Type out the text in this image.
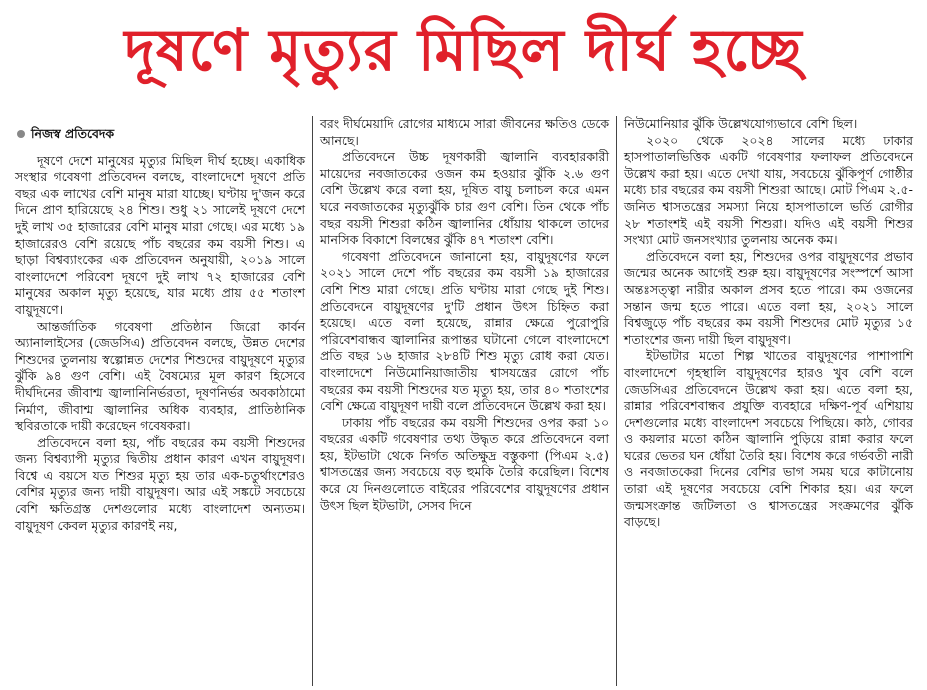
দূষণে মৃত্যুর মিছিল দীর্ঘ হচ্ছে
নিজস্ব প্রতিবেদক

দূষণে দেশে মানুষের মৃত্যুর মিছিল দীর্ঘ হচ্ছে। একাধিক সংস্থার গবেষণা প্রতিবেদন বলছে, বাংলাদেশে দূষণে প্রতি বছর এক লাখের বেশি মানুষ মারা যাচ্ছে। ঘণ্টায় দু'জন করে দিনে প্রাণ হারিয়েছে ২৪ শিশু। শুধু ২১ সালেই দূষণে দেশে দুই লাখ ৩৫ হাজারের বেশি মানুষ মারা গেছে। এর মধ্যে ১৯ হাজারেরও বেশি রয়েছে পাঁচ বছরের কম বয়সী শিশু। এ ছাড়া বিশ্বব্যাংকের এক প্রতিবেদন অনুযায়ী, ২০১৯ সালে বাংলাদেশে পরিবেশ দূষণে দুই লাখ ৭২ হাজারের বেশি মানুষের অকাল মৃত্যু হয়েছে, যার মধ্যে প্রায় ৫৫ শতাংশ বায়ুদূষণে।

আন্তর্জাতিক গবেষণা প্রতিষ্ঠান জিরো কার্বন অ্যানালাইসের (জেডসিএ) প্রতিবেদন বলছে, উন্নত দেশের শিশুদের তুলনায় স্বল্পোন্নত দেশের শিশুদের বায়ুদূষণে মৃত্যুর ঝুঁকি ৯৪ গুণ বেশি। এই বৈষম্যের মূল কারণ হিসেবে দীর্ঘদিনের জীবাশ্ম জ্বালানিনির্ভরতা, দূষণনির্ভর অবকাঠামো নির্মাণ, জীবাশ্ম জ্বালানির অধিক ব্যবহার, প্রাতিষ্ঠানিক স্থবিরতাকে দায়ী করেছেন গবেষকরা।

প্রতিবেদনে বলা হয়, পাঁচ বছরের কম বয়সী শিশুদের জন্য বিশ্বব্যাপী মৃত্যুর দ্বিতীয় প্রধান কারণ এখন বায়ুদূষণ। বিশ্বে এ বয়সে যত শিশুর মৃত্যু হয় তার এক-চতুর্থাংশেরও বেশির মৃত্যুর জন্য দায়ী বায়ুদূষণ। আর এই সঙ্কটে সবচেয়ে বেশি ক্ষতিগ্রস্ত দেশগুলোর মধ্যে বাংলাদেশ অন্যতম। বায়ুদূষণ কেবল মৃত্যুর কারণই নয়,

বরং দীর্ঘমেয়াদি রোগের মাধ্যমে সারা জীবনের ক্ষতিও ডেকে আনছে।

প্রতিবেদনে উচ্চ দূষণকারী জ্বালানি ব্যবহারকারী মায়েদের নবজাতকের ওজন কম হওয়ার ঝুঁকি ২.৬ গুণ বেশি উল্লেখ করে বলা হয়, দূষিত বায়ু চলাচল করে এমন ঘরে নবজাতকের মৃত্যুঝুঁকি চার গুণ বেশি। তিন থেকে পাঁচ বছর বয়সী শিশুরা কঠিন জ্বালানির ধোঁয়ায় থাকলে তাদের মানসিক বিকাশে বিলম্বের ঝুঁকি ৪৭ শতাংশ বেশি।

গবেষণা প্রতিবেদনে জানানো হয়, বায়ুদূষণের ফলে ২০২১ সালে দেশে পাঁচ বছরের কম বয়সী ১৯ হাজারের বেশি শিশু মারা গেছে। প্রতি ঘণ্টায় মারা গেছে দুই শিশু। প্রতিবেদনে বায়ুদূষণের দু'টি প্রধান উৎস চিহ্নিত করা হয়েছে। এতে বলা হয়েছে, রান্নার ক্ষেত্রে পুরোপুরি পরিবেশবান্ধব জ্বালানির রূপান্তর ঘটানো গেলে বাংলাদেশে প্রতি বছর ১৬ হাজার ২৮৪টি শিশু মৃত্যু রোধ করা যেত। বাংলাদেশে নিউমোনিয়াজাতীয় শ্বাসযন্ত্রের রোগে পাঁচ বছরের কম বয়সী শিশুদের যত মৃত্যু হয়, তার ৪০ শতাংশের বেশি ক্ষেত্রে বায়ুদূষণ দায়ী বলে প্রতিবেদনে উল্লেখ করা হয়।

ঢাকায় পাঁচ বছরের কম বয়সী শিশুদের ওপর করা ১০ বছরের একটি গবেষণার তথ্য উদ্ধৃত করে প্রতিবেদনে বলা হয়, ইটভাটা থেকে নির্গত অতিক্ষুদ্র বস্তুকণা (পিএম ২.৫) শ্বাসতন্ত্রের জন্য সবচেয়ে বড় হুমকি তৈরি করেছিল। বিশেষ করে যে দিনগুলোতে বাইরের পরিবেশের বায়ুদূষণের প্রধান উৎস ছিল ইটভাটা, সেসব দিনে

নিউমোনিয়ার ঝুঁকি উল্লেখযোগ্যভাবে বেশি ছিল।

২০২০ থেকে ২০২৪ সালের মধ্যে ঢাকার হাসপাতালভিত্তিক একটি গবেষণার ফলাফল প্রতিবেদনে উল্লেখ করা হয়। এতে দেখা যায়, সবচেয়ে ঝুঁকিপূর্ণ গোষ্ঠীর মধ্যে চার বছরের কম বয়সী শিশুরা আছে। মোট পিএম ২.৫-জনিত শ্বাসতন্ত্রের সমস্যা নিয়ে হাসপাতালে ভর্তি রোগীর ২৮ শতাংশই এই বয়সী শিশুরা। যদিও এই বয়সী শিশুর সংখ্যা মোট জনসংখ্যার তুলনায় অনেক কম।

প্রতিবেদনে বলা হয়, শিশুদের ওপর বায়ুদূষণের প্রভাব জন্মের অনেক আগেই শুরু হয়। বায়ুদূষণের সংস্পর্শে আসা অন্তঃসত্ত্বা নারীর অকাল প্রসব হতে পারে। কম ওজনের সন্তান জন্ম হতে পারে। এতে বলা হয়, ২০২১ সালে বিশ্বজুড়ে পাঁচ বছরের কম বয়সী শিশুদের মোট মৃত্যুর ১৫ শতাংশের জন্য দায়ী ছিল বায়ুদূষণ।

ইটভাটার মতো শিল্প খাতের বায়ুদূষণের পাশাপাশি বাংলাদেশে গৃহস্থালি বায়ুদূষণের হারও খুব বেশি বলে জেডসিএর প্রতিবেদনে উল্লেখ করা হয়। এতে বলা হয়, রান্নার পরিবেশবান্ধব প্রযুক্তি ব্যবহারে দক্ষিণ-পূর্ব এশিয়ায় দেশগুলোর মধ্যে বাংলাদেশ সবচেয়ে পিছিয়ে। কাঠ, গোবর ও কয়লার মতো কঠিন জ্বালানি পুড়িয়ে রান্না করার ফলে ঘরের ভেতর ঘন ধোঁয়া তৈরি হয়। বিশেষ করে গর্ভবতী নারী ও নবজাতকেরা দিনের বেশির ভাগ সময় ঘরে কাটানোয় তারা এই দূষণের সবচেয়ে বেশি শিকার হয়। এর ফলে জন্মসংক্রান্ত জটিলতা ও শ্বাসতন্ত্রের সংক্রমণের ঝুঁকি বাড়ছে।
